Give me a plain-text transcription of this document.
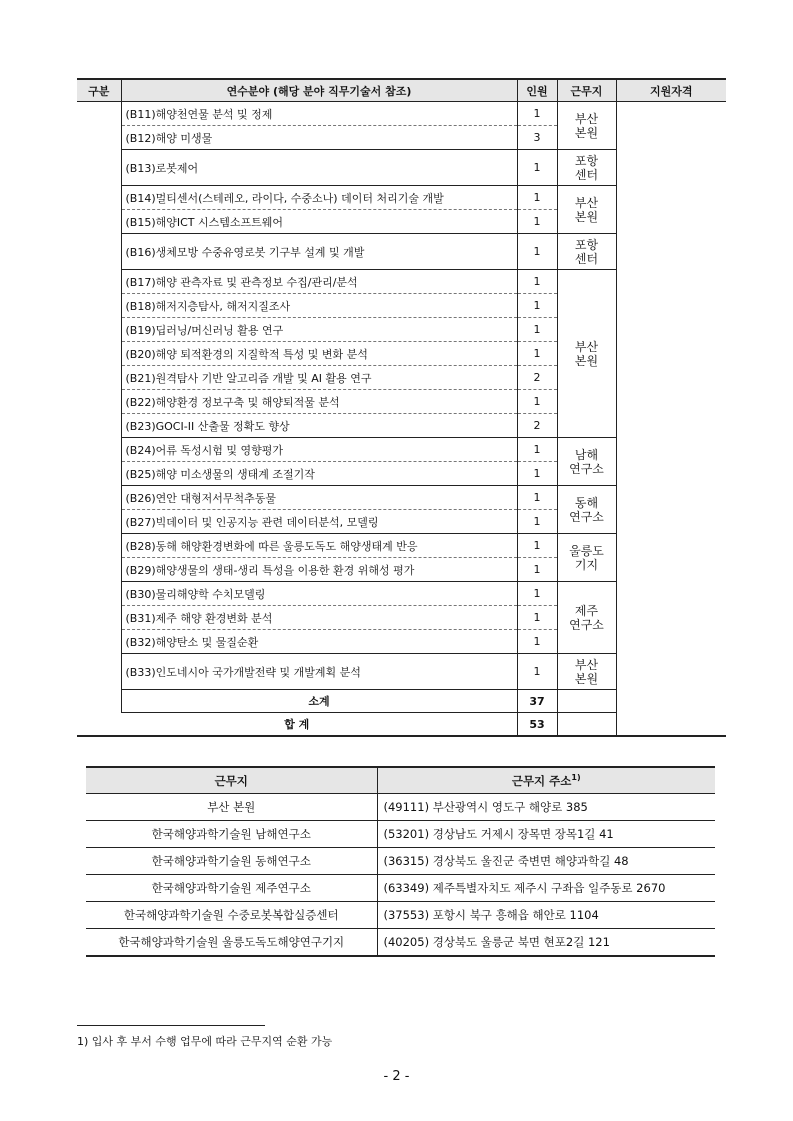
구분	연수분야 (해당 분야 직무기술서 참조)	인원	근무지	지원자격
	(B11)해양천연물 분석 및 정제	1	부산
본원	
	(B12)해양 미생물	3		
	(B13)로봇제어	1	포항
센터	
	(B14)멀티센서(스테레오, 라이다, 수중소나) 데이터 처리기술 개발	1	부산
본원	
	(B15)해양ICT 시스템소프트웨어	1		
	(B16)생체모방 수중유영로봇 기구부 설계 및 개발	1	포항
센터	
	(B17)해양 관측자료 및 관측정보 수집/관리/분석	1	부산
본원	
	(B18)해저지층탐사, 해저지질조사	1		
	(B19)딥러닝/머신러닝 활용 연구	1		
	(B20)해양 퇴적환경의 지질학적 특성 및 변화 분석	1		
	(B21)원격탐사 기반 알고리즘 개발 및 AI 활용 연구	2		
	(B22)해양환경 정보구축 및 해양퇴적물 분석	1		
	(B23)GOCI-II 산출물 정확도 향상	2		
	(B24)어류 독성시험 및 영향평가	1	남해
연구소	
	(B25)해양 미소생물의 생태계 조절기작	1		
	(B26)연안 대형저서무척추동물	1	동해
연구소	
	(B27)빅데이터 및 인공지능 관련 데이터분석, 모델링	1		
	(B28)동해 해양환경변화에 따른 울릉도독도 해양생태계 반응	1	울릉도
기지	
	(B29)해양생물의 생태-생리 특성을 이용한 환경 위해성 평가	1		
	(B30)물리해양학 수치모델링	1	제주
연구소	
	(B31)제주 해양 환경변화 분석	1		
	(B32)해양탄소 및 물질순환	1		
	(B33)인도네시아 국가개발전략 및 개발계획 분석	1	부산
본원	
	소계	37		
합 계		53		
근무지	근무지 주소$^{1)}$
부산 본원	(49111) 부산광역시 영도구 해양로 385
한국해양과학기술원 남해연구소	(53201) 경상남도 거제시 장목면 장목1길 41
한국해양과학기술원 동해연구소	(36315) 경상북도 울진군 죽변면 해양과학길 48
한국해양과학기술원 제주연구소	(63349) 제주특별자치도 제주시 구좌읍 일주동로 2670
한국해양과학기술원 수중로봇복합실증센터	(37553) 포항시 북구 흥해읍 해안로 1104
한국해양과학기술원 울릉도독도해양연구기지	(40205) 경상북도 울릉군 북면 현포2길 121
1) 입사 후 부서 수행 업무에 따라 근무지역 순환 가능
- 2 -
